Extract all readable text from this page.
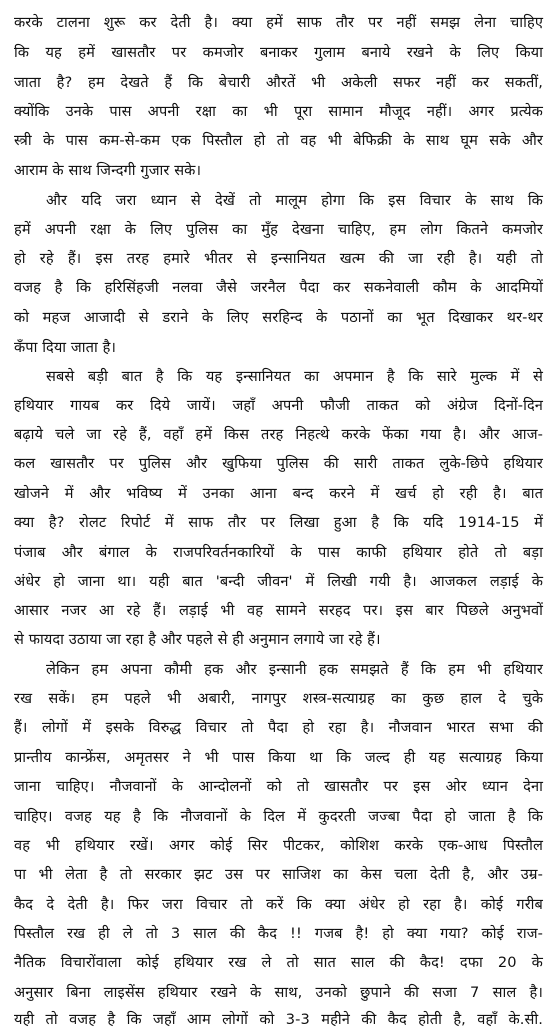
करके टालना शुरू कर देती है। क्या हमें साफ तौर पर नहीं समझ लेना चाहिए
कि यह हमें खासतौर पर कमजोर बनाकर गुलाम बनाये रखने के लिए किया
जाता है? हम देखते हैं कि बेचारी औरतें भी अकेली सफर नहीं कर सकतीं,
क्योंकि उनके पास अपनी रक्षा का भी पूरा सामान मौजूद नहीं। अगर प्रत्येक
स्त्री के पास कम-से-कम एक पिस्तौल हो तो वह भी बेफिक्री के साथ घूम सके और
आराम के साथ जिन्दगी गुजार सके।
और यदि जरा ध्यान से देखें तो मालूम होगा कि इस विचार के साथ कि
हमें अपनी रक्षा के लिए पुलिस का मुँह देखना चाहिए, हम लोग कितने कमजोर
हो रहे हैं। इस तरह हमारे भीतर से इन्सानियत खत्म की जा रही है। यही तो
वजह है कि हरिसिंहजी नलवा जैसे जरनैल पैदा कर सकनेवाली कौम के आदमियों
को महज आजादी से डराने के लिए सरहिन्द के पठानों का भूत दिखाकर थर-थर
कँपा दिया जाता है।
सबसे बड़ी बात है कि यह इन्सानियत का अपमान है कि सारे मुल्क में से
हथियार गायब कर दिये जायें। जहाँ अपनी फौजी ताकत को अंग्रेज दिनों-दिन
बढ़ाये चले जा रहे हैं, वहाँ हमें किस तरह निहत्थे करके फेंका गया है। और आज-
कल खासतौर पर पुलिस और खुफिया पुलिस की सारी ताकत लुके-छिपे हथियार
खोजने में और भविष्य में उनका आना बन्द करने में खर्च हो रही है। बात
क्या है? रोलट रिपोर्ट में साफ तौर पर लिखा हुआ है कि यदि 1914-15 में
पंजाब और बंगाल के राजपरिवर्तनकारियों के पास काफी हथियार होते तो बड़ा
अंधेर हो जाना था। यही बात 'बन्दी जीवन' में लिखी गयी है। आजकल लड़ाई के
आसार नजर आ रहे हैं। लड़ाई भी वह सामने सरहद पर। इस बार पिछले अनुभवों
से फायदा उठाया जा रहा है और पहले से ही अनुमान लगाये जा रहे हैं।
लेकिन हम अपना कौमी हक और इन्सानी हक समझते हैं कि हम भी हथियार
रख सकें। हम पहले भी अबारी, नागपुर शस्त्र-सत्याग्रह का कुछ हाल दे चुके
हैं। लोगों में इसके विरुद्ध विचार तो पैदा हो रहा है। नौजवान भारत सभा की
प्रान्तीय कान्फ्रेंस, अमृतसर ने भी पास किया था कि जल्द ही यह सत्याग्रह किया
जाना चाहिए। नौजवानों के आन्दोलनों को तो खासतौर पर इस ओर ध्यान देना
चाहिए। वजह यह है कि नौजवानों के दिल में कुदरती जज्बा पैदा हो जाता है कि
वह भी हथियार रखें। अगर कोई सिर पीटकर, कोशिश करके एक-आध पिस्तौल
पा भी लेता है तो सरकार झट उस पर साजिश का केस चला देती है, और उम्र-
कैद दे देती है। फिर जरा विचार तो करें कि क्या अंधेर हो रहा है। कोई गरीब
पिस्तौल रख ही ले तो 3 साल की कैद !! गजब है! हो क्या गया? कोई राज-
नैतिक विचारोंवाला कोई हथियार रख ले तो सात साल की कैद! दफा 20 के
अनुसार बिना लाइसेंस हथियार रखने के साथ, उनको छुपाने की सजा 7 साल है।
यही तो वजह है कि जहाँ आम लोगों को 3-3 महीने की कैद होती है, वहाँ के.सी.
